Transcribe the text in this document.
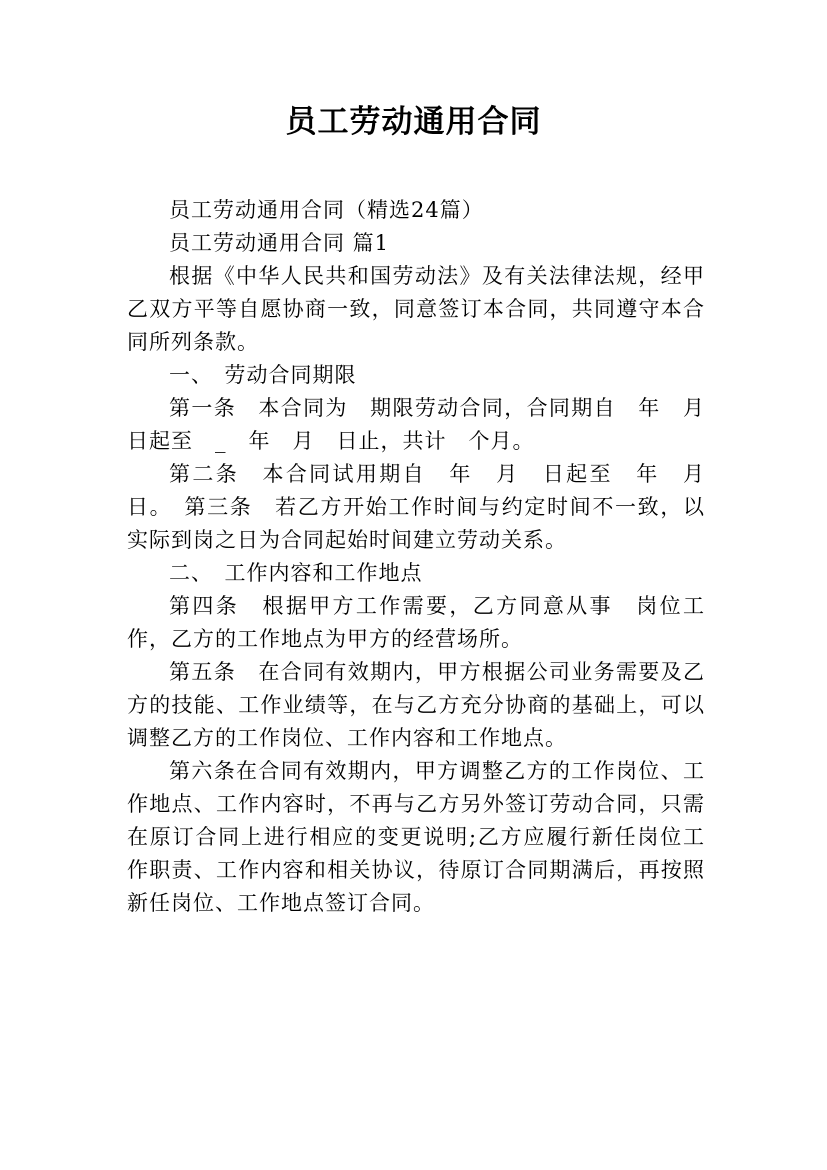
员工劳动通用合同

员工劳动通用合同（精选24篇）

员工劳动通用合同 篇1

根据《中华人民共和国劳动法》及有关法律法规，经甲乙双方平等自愿协商一致，同意签订本合同，共同遵守本合同所列条款。

一、　劳动合同期限

第一条　本合同为　期限劳动合同，合同期自　年　月　日起至　_　年　月　日止，共计　个月。

第二条　本合同试用期自　年　月　日起至　年　月　日。　第三条　若乙方开始工作时间与约定时间不一致，以实际到岗之日为合同起始时间建立劳动关系。

二、　工作内容和工作地点

第四条　根据甲方工作需要，乙方同意从事　岗位工作，乙方的工作地点为甲方的经营场所。

第五条　在合同有效期内，甲方根据公司业务需要及乙方的技能、工作业绩等，在与乙方充分协商的基础上，可以调整乙方的工作岗位、工作内容和工作地点。

第六条在合同有效期内，甲方调整乙方的工作岗位、工作地点、工作内容时，不再与乙方另外签订劳动合同，只需在原订合同上进行相应的变更说明;乙方应履行新任岗位工作职责、工作内容和相关协议，待原订合同期满后，再按照新任岗位、工作地点签订合同。
